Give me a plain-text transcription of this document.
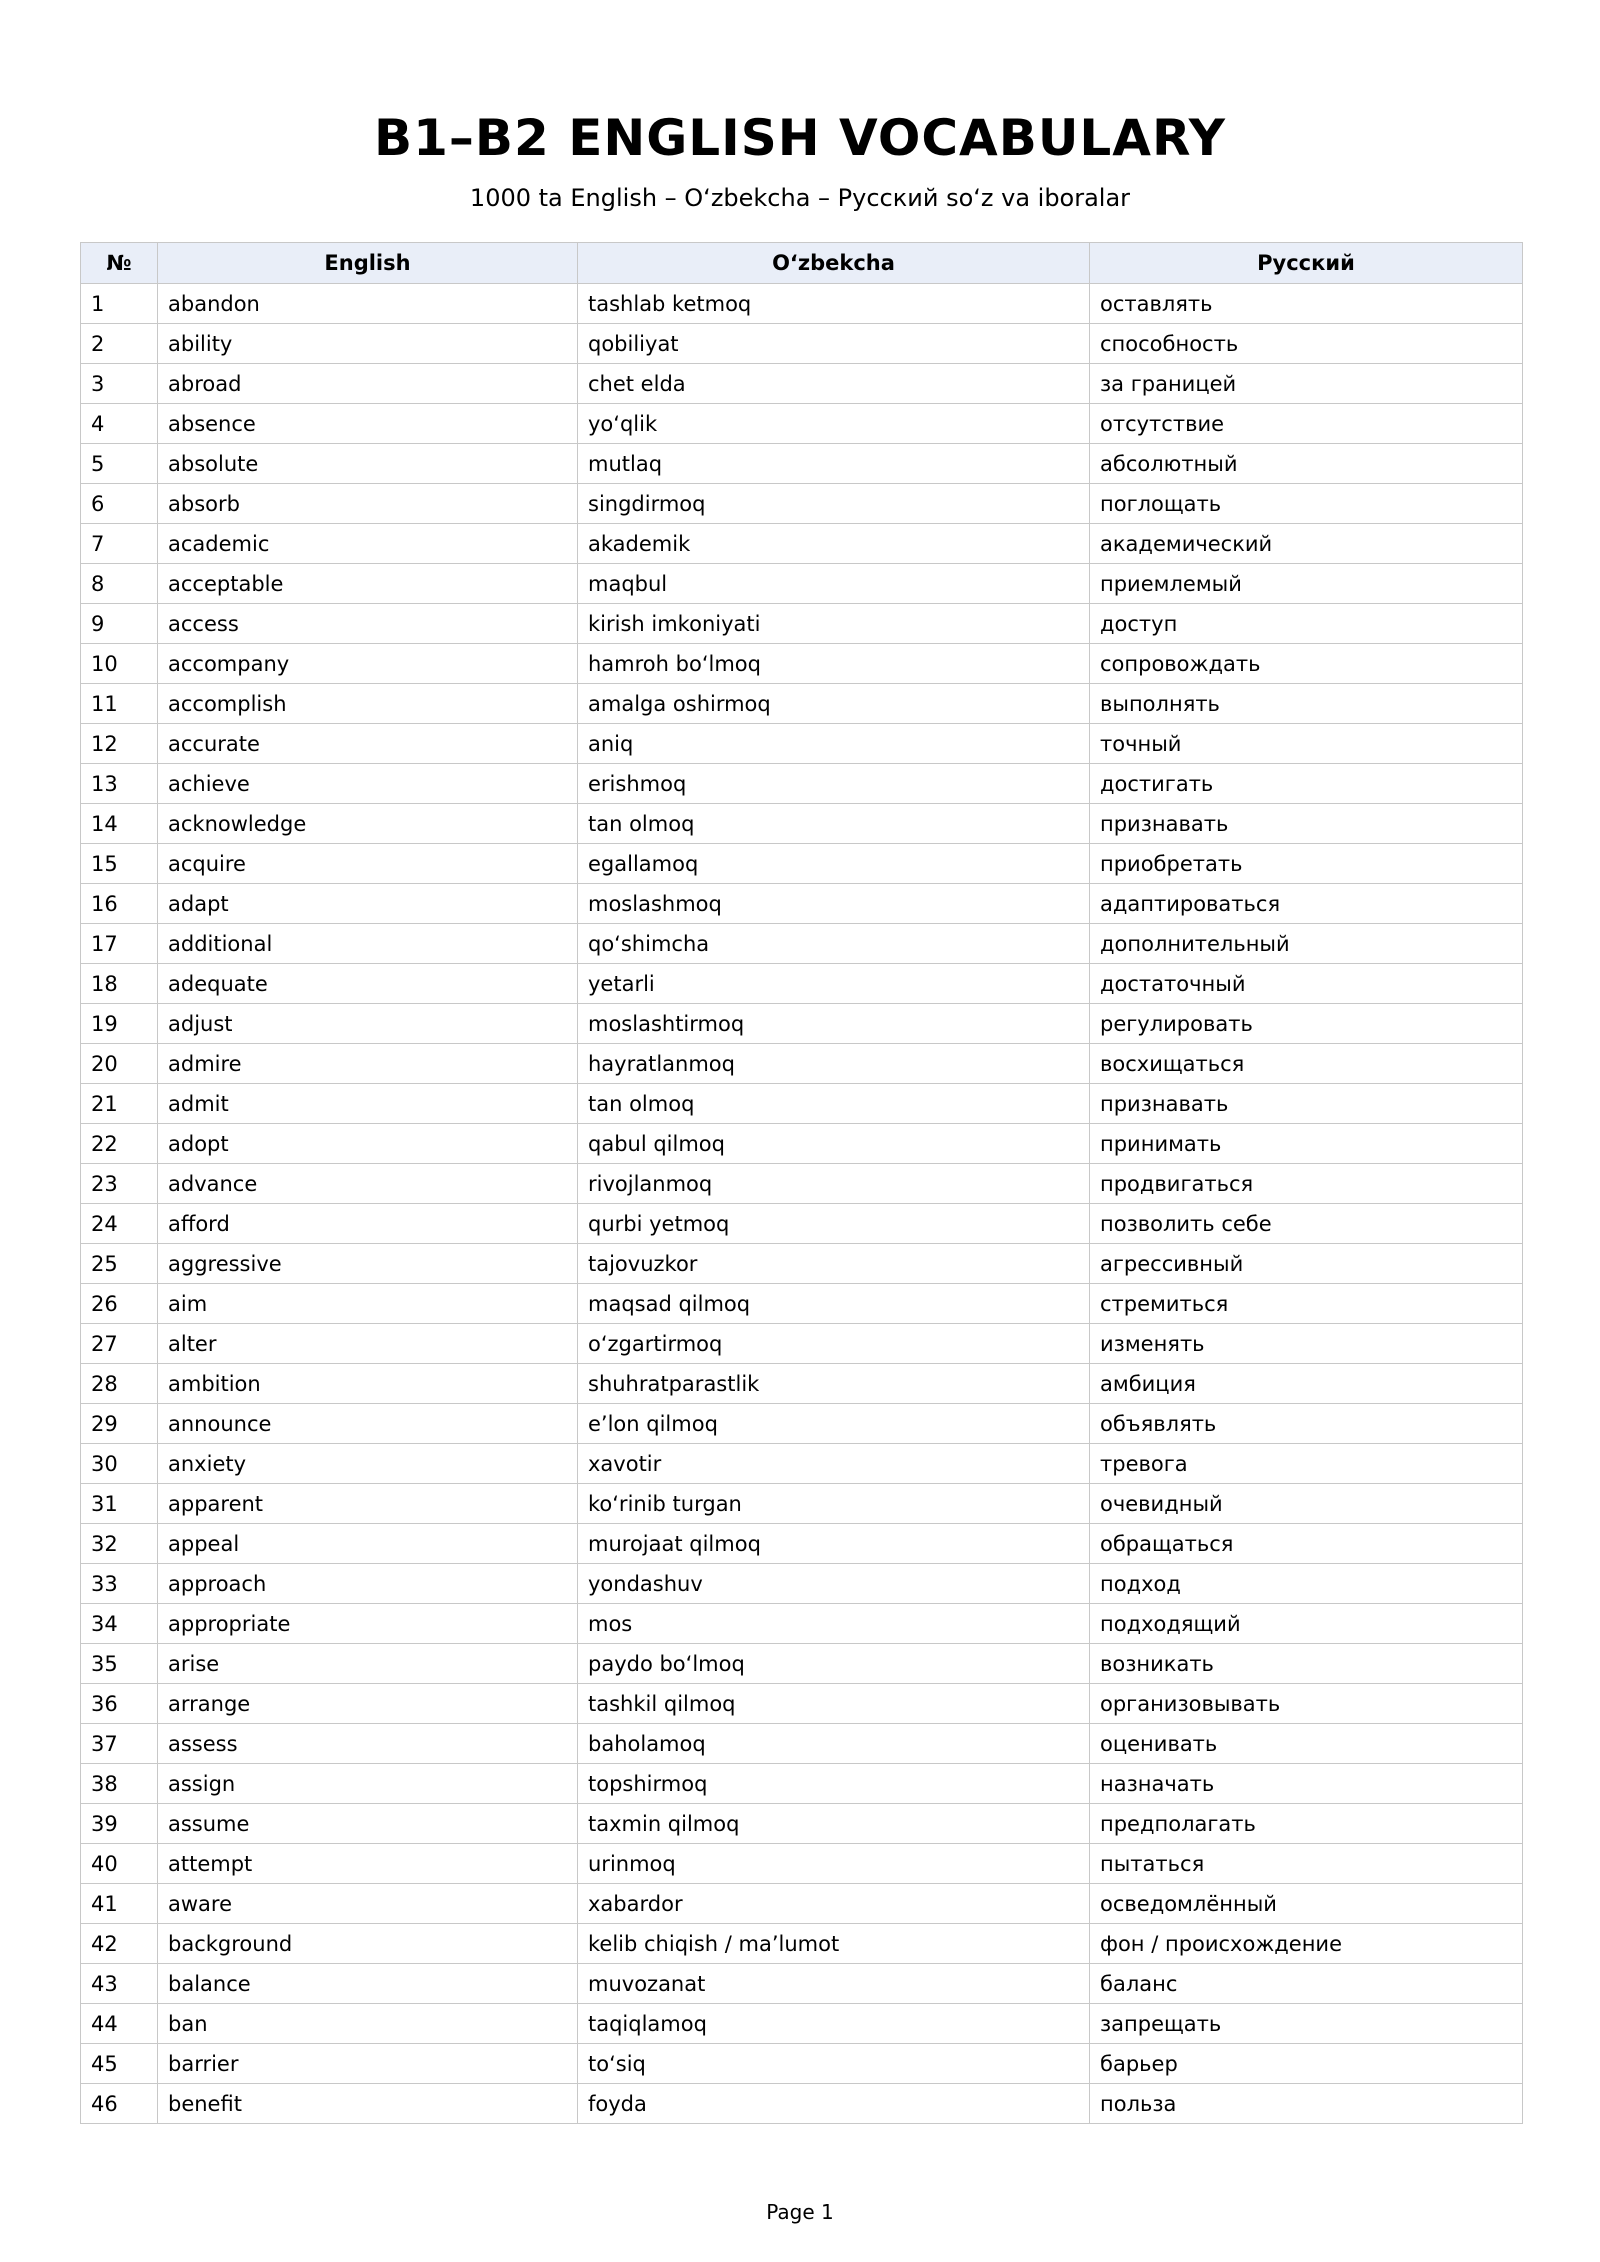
B1–B2 ENGLISH VOCABULARY
1000 ta English – O‘zbekcha – Русский so‘z va iboralar
№	English	O‘zbekcha	Русский
1	abandon	tashlab ketmoq	оставлять
2	ability	qobiliyat	способность
3	abroad	chet elda	за границей
4	absence	yo‘qlik	отсутствие
5	absolute	mutlaq	абсолютный
6	absorb	singdirmoq	поглощать
7	academic	akademik	академический
8	acceptable	maqbul	приемлемый
9	access	kirish imkoniyati	доступ
10	accompany	hamroh bo‘lmoq	сопровождать
11	accomplish	amalga oshirmoq	выполнять
12	accurate	aniq	точный
13	achieve	erishmoq	достигать
14	acknowledge	tan olmoq	признавать
15	acquire	egallamoq	приобретать
16	adapt	moslashmoq	адаптироваться
17	additional	qo‘shimcha	дополнительный
18	adequate	yetarli	достаточный
19	adjust	moslashtirmoq	регулировать
20	admire	hayratlanmoq	восхищаться
21	admit	tan olmoq	признавать
22	adopt	qabul qilmoq	принимать
23	advance	rivojlanmoq	продвигаться
24	afford	qurbi yetmoq	позволить себе
25	aggressive	tajovuzkor	агрессивный
26	aim	maqsad qilmoq	стремиться
27	alter	o‘zgartirmoq	изменять
28	ambition	shuhratparastlik	амбиция
29	announce	e’lon qilmoq	объявлять
30	anxiety	xavotir	тревога
31	apparent	ko‘rinib turgan	очевидный
32	appeal	murojaat qilmoq	обращаться
33	approach	yondashuv	подход
34	appropriate	mos	подходящий
35	arise	paydo bo‘lmoq	возникать
36	arrange	tashkil qilmoq	организовывать
37	assess	baholamoq	оценивать
38	assign	topshirmoq	назначать
39	assume	taxmin qilmoq	предполагать
40	attempt	urinmoq	пытаться
41	aware	xabardor	осведомлённый
42	background	kelib chiqish / ma’lumot	фон / происхождение
43	balance	muvozanat	баланс
44	ban	taqiqlamoq	запрещать
45	barrier	to‘siq	барьер
46	benefit	foyda	польза
Page 1
